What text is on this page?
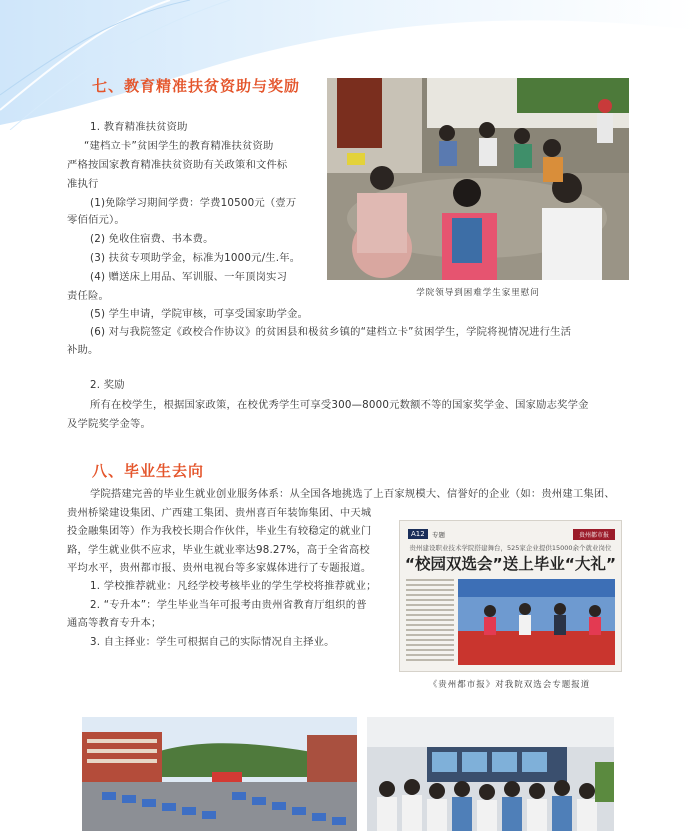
七、教育精准扶贫资助与奖励

1. 教育精准扶贫资助

“建档立卡”贫困学生的教育精准扶贫资助

严格按国家教育精准扶贫资助有关政策和文件标

准执行

(1)免除学习期间学费：学费10500元（壹万

零佰佰元）。

(2) 免收住宿费、书本费。

(3) 扶贫专项助学金，标准为1000元/生.年。

(4) 赠送床上用品、军训服、一年顶岗实习

责任险。

(5) 学生申请，学院审核，可享受国家助学金。

(6) 对与我院签定《政校合作协议》的贫困县和极贫乡镇的“建档立卡”贫困学生，学院将视情况进行生活

补助。

2. 奖励

所有在校学生，根据国家政策，在校优秀学生可享受300—8000元数额不等的国家奖学金、国家励志奖学金

及学院奖学金等。

学院领导到困难学生家里慰问

八、毕业生去向

学院搭建完善的毕业生就业创业服务体系：从全国各地挑选了上百家规模大、信誉好的企业（如：贵州建工集团、

贵州桥梁建设集团、广西建工集团、贵州喜百年装饰集团、中天城

投金融集团等）作为我校长期合作伙伴，毕业生有较稳定的就业门

路，学生就业供不应求，毕业生就业率达98.27%，高于全省高校

平均水平，贵州都市报、贵州电视台等多家媒体进行了专题报道。

1. 学校推荐就业：凡经学校考核毕业的学生学校将推荐就业；

2. “专升本”：学生毕业当年可报考由贵州省教育厅组织的普

通高等教育专升本；

3. 自主择业：学生可根据自己的实际情况自主择业。

A12	专题	贵州都市报
贵州建设职业技术学院搭建舞台，525家企业提供15000余个就业岗位
“校园双选会”送上毕业“大礼”

《贵州都市报》对我院双选会专题报道
